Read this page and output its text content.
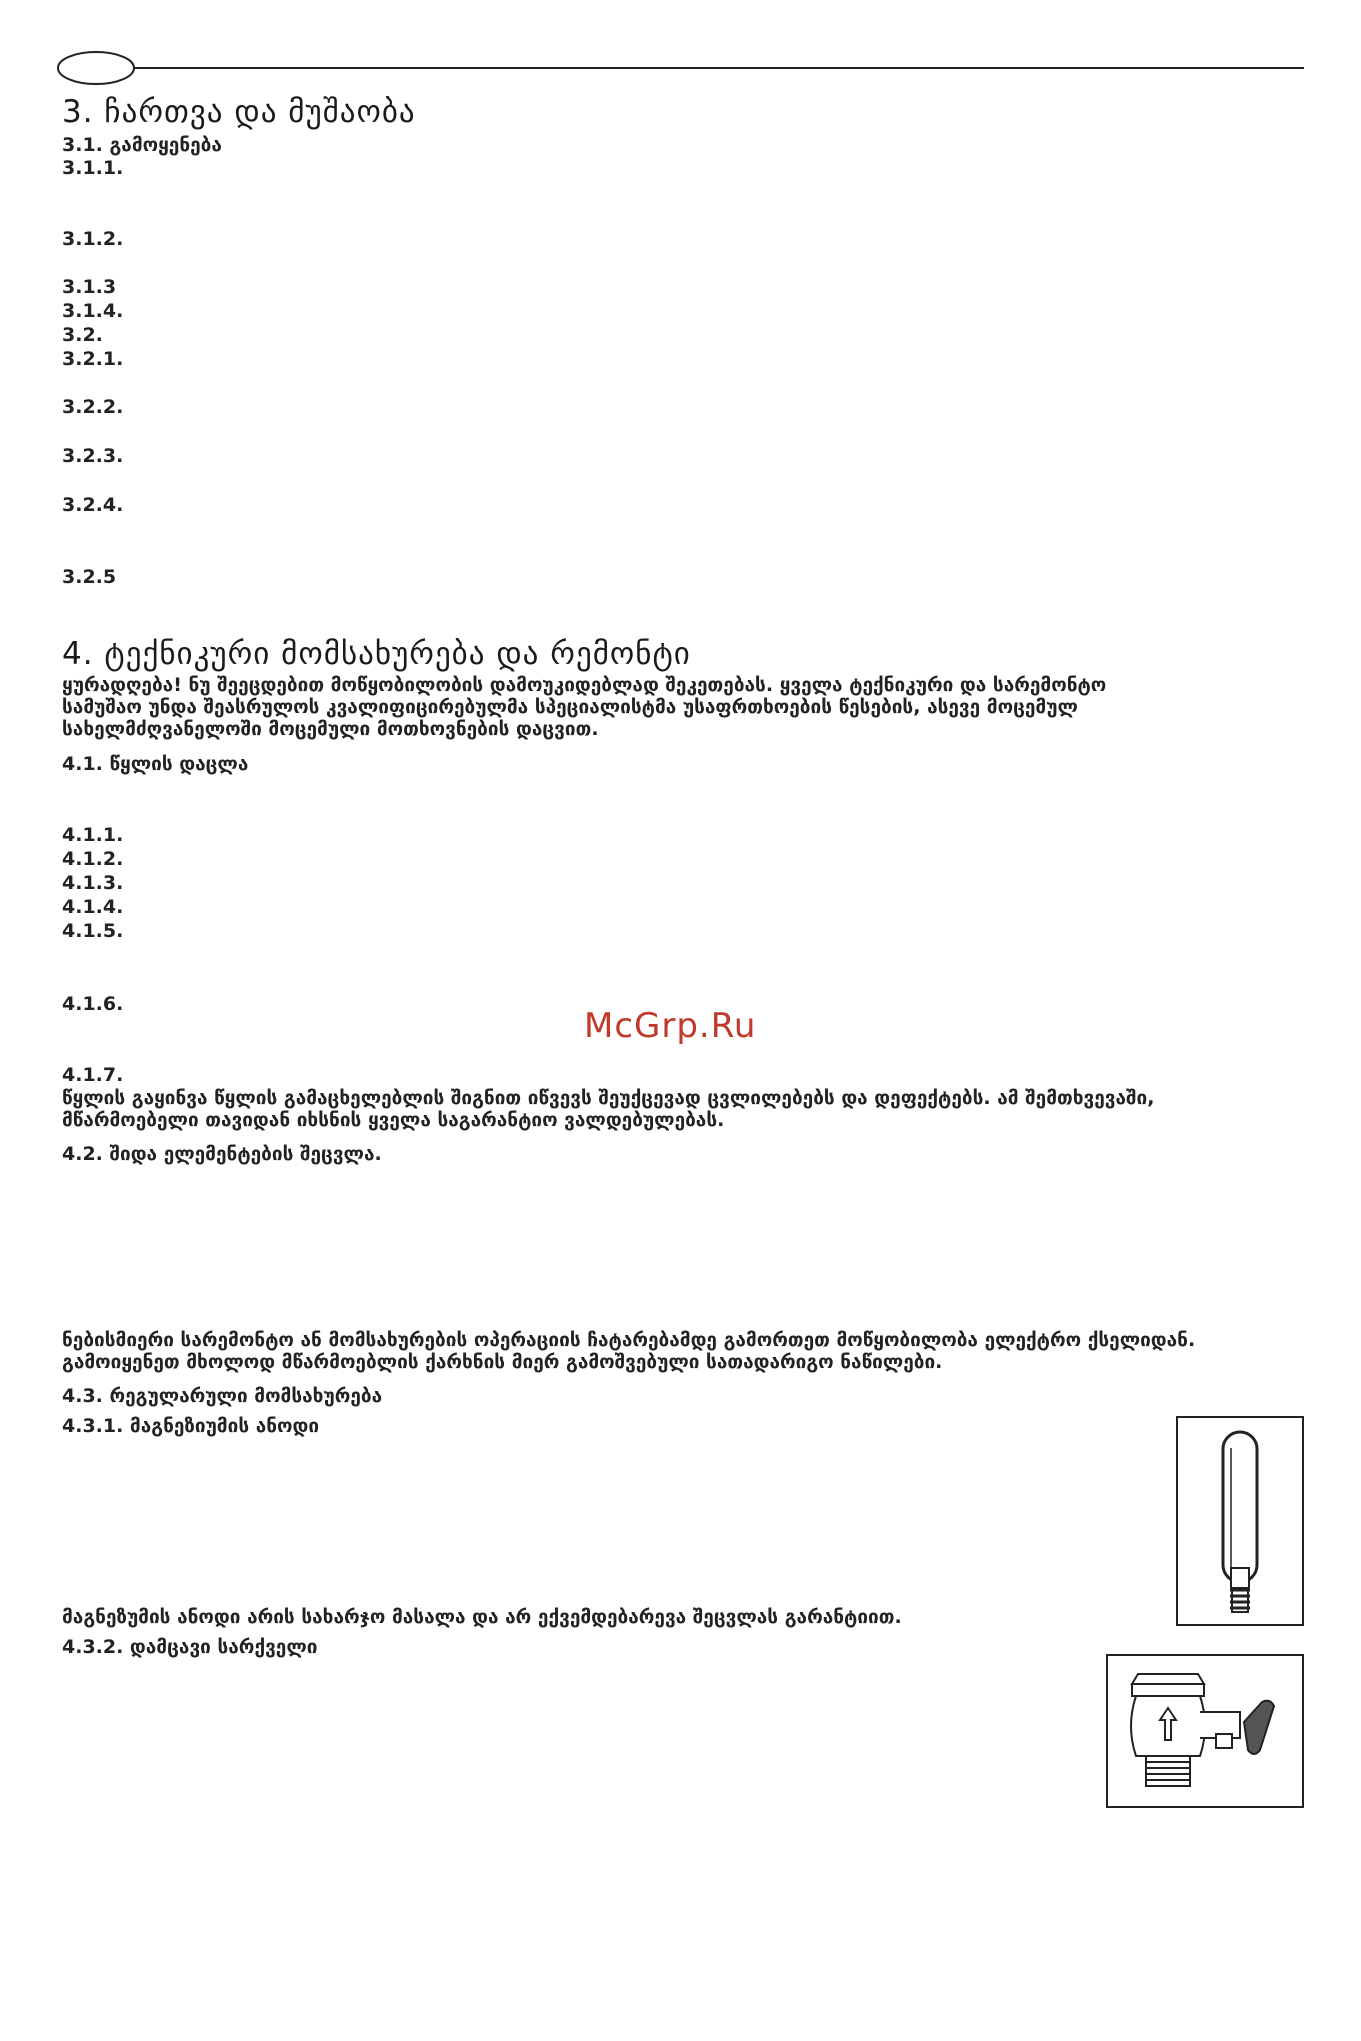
3. ჩართვა და მუშაობა
3.1. გამოყენება
3.1.1.
3.1.2.
3.1.3
3.1.4.
3.2.
3.2.1.
3.2.2.
3.2.3.
3.2.4.
3.2.5
4. ტექნიკური მომსახურება და რემონტი
ყურადღება! ნუ შეეცდებით მოწყობილობის დამოუკიდებლად შეკეთებას. ყველა ტექნიკური და სარემონტო
სამუშაო უნდა შეასრულოს კვალიფიცირებულმა სპეციალისტმა უსაფრთხოების წესების, ასევე მოცემულ
სახელმძღვანელოში მოცემული მოთხოვნების დაცვით.
4.1. წყლის დაცლა
4.1.1.
4.1.2.
4.1.3.
4.1.4.
4.1.5.
4.1.6.
McGrp.Ru
4.1.7.
წყლის გაყინვა წყლის გამაცხელებლის შიგნით იწვევს შეუქცევად ცვლილებებს და დეფექტებს. ამ შემთხვევაში,
მწარმოებელი თავიდან იხსნის ყველა საგარანტიო ვალდებულებას.
4.2. შიდა ელემენტების შეცვლა.
ნებისმიერი სარემონტო ან მომსახურების ოპერაციის ჩატარებამდე გამორთეთ მოწყობილობა ელექტრო ქსელიდან.
გამოიყენეთ მხოლოდ მწარმოებლის ქარხნის მიერ გამოშვებული სათადარიგო ნაწილები.
4.3. რეგულარული მომსახურება
4.3.1. მაგნეზიუმის ანოდი
მაგნეზუმის ანოდი არის სახარჯო მასალა და არ ექვემდებარევა შეცვლას გარანტიით.
4.3.2. დამცავი სარქველი
